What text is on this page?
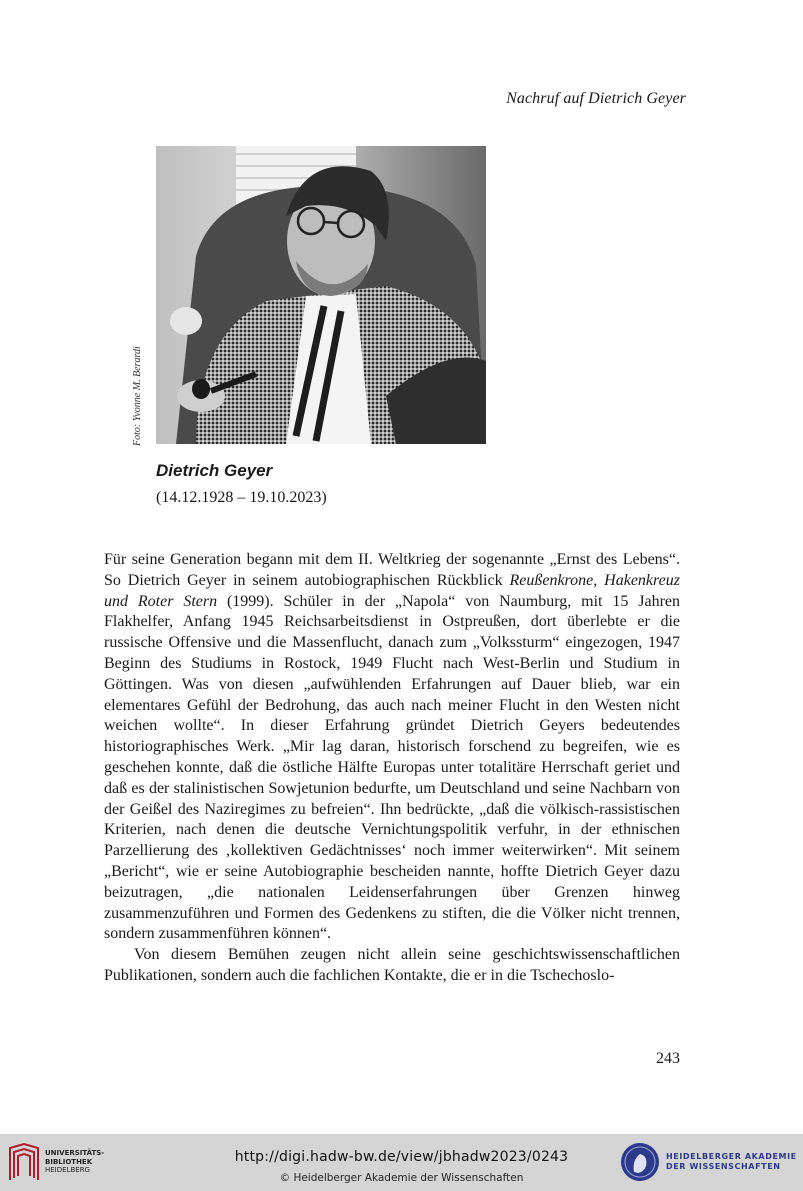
Nachruf auf Dietrich Geyer
Foto: Yvonne M. Berardi
Dietrich Geyer
(14.12.1928 – 19.10.2023)

Für seine Generation begann mit dem II. Weltkrieg der sogenannte „Ernst des Lebens“. So Dietrich Geyer in seinem autobiographischen Rückblick Reußenkrone, Hakenkreuz und Roter Stern (1999). Schüler in der „Napola“ von Naumburg, mit 15 Jahren Flakhelfer, Anfang 1945 Reichsarbeitsdienst in Ostpreußen, dort überlebte er die russische Offensive und die Massenflucht, danach zum „Volkssturm“ eingezogen, 1947 Beginn des Studiums in Rostock, 1949 Flucht nach West-Berlin und Studium in Göttingen. Was von diesen „aufwühlenden Erfahrungen auf Dauer blieb, war ein elementares Gefühl der Bedrohung, das auch nach meiner Flucht in den Westen nicht weichen wollte“. In dieser Erfahrung gründet Dietrich Geyers bedeutendes historiographisches Werk. „Mir lag daran, historisch forschend zu begreifen, wie es geschehen konnte, daß die östliche Hälfte Europas unter totalitäre Herrschaft geriet und daß es der stalinistischen Sowjetunion bedurfte, um Deutschland und seine Nachbarn von der Geißel des Naziregimes zu befreien“. Ihn bedrückte, „daß die völkisch-rassistischen Kriterien, nach denen die deutsche Vernichtungspolitik verfuhr, in der ethnischen Parzellierung des ‚kollektiven Gedächtnisses‘ noch immer weiterwirken“. Mit seinem „Bericht“, wie er seine Autobiographie bescheiden nannte, hoffte Dietrich Geyer dazu beizutragen, „die nationalen Leidenserfahrungen über Grenzen hinweg zusammenzuführen und Formen des Gedenkens zu stiften, die die Völker nicht trennen, sondern zusammenführen können“.

Von diesem Bemühen zeugen nicht allein seine geschichtswissenschaftlichen Publikationen, sondern auch die fachlichen Kontakte, die er in die Tschechoslo-

243
UNIVERSITÄTS-
BIBLIOTHEK
HEIDELBERG
http://digi.hadw-bw.de/view/jbhadw2023/0243
© Heidelberger Akademie der Wissenschaften
HEIDELBERGER AKADEMIE
DER WISSENSCHAFTEN
